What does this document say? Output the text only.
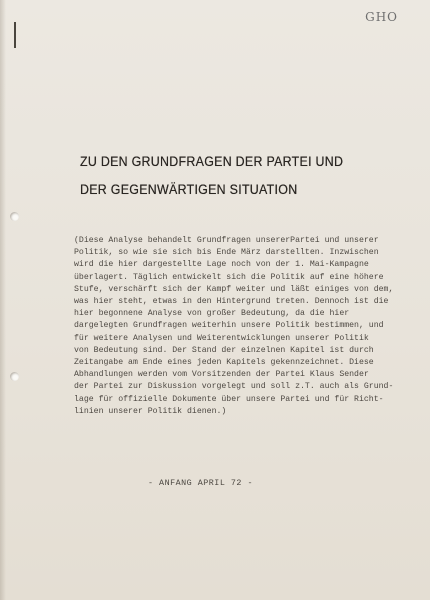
GHO
ZU DEN GRUNDFRAGEN DER PARTEI UND
DER GEGENWÄRTIGEN SITUATION
(Diese Analyse behandelt Grundfragen unsererPartei und unserer
Politik, so wie sie sich bis Ende März darstellten. Inzwischen
wird die hier dargestellte Lage noch von der 1. Mai-Kampagne
überlagert. Täglich entwickelt sich die Politik auf eine höhere
Stufe, verschärft sich der Kampf weiter und läßt einiges von dem,
was hier steht, etwas in den Hintergrund treten. Dennoch ist die
hier begonnene Analyse von großer Bedeutung, da die hier
dargelegten Grundfragen weiterhin unsere Politik bestimmen, und
für weitere Analysen und Weiterentwicklungen unserer Politik
von Bedeutung sind. Der Stand der einzelnen Kapitel ist durch
Zeitangabe am Ende eines jeden Kapitels gekennzeichnet. Diese
Abhandlungen werden vom Vorsitzenden der Partei Klaus Sender
der Partei zur Diskussion vorgelegt und soll z.T. auch als Grund-
lage für offizielle Dokumente über unsere Partei und für Richt-
linien unserer Politik dienen.)
- ANFANG APRIL 72 -
